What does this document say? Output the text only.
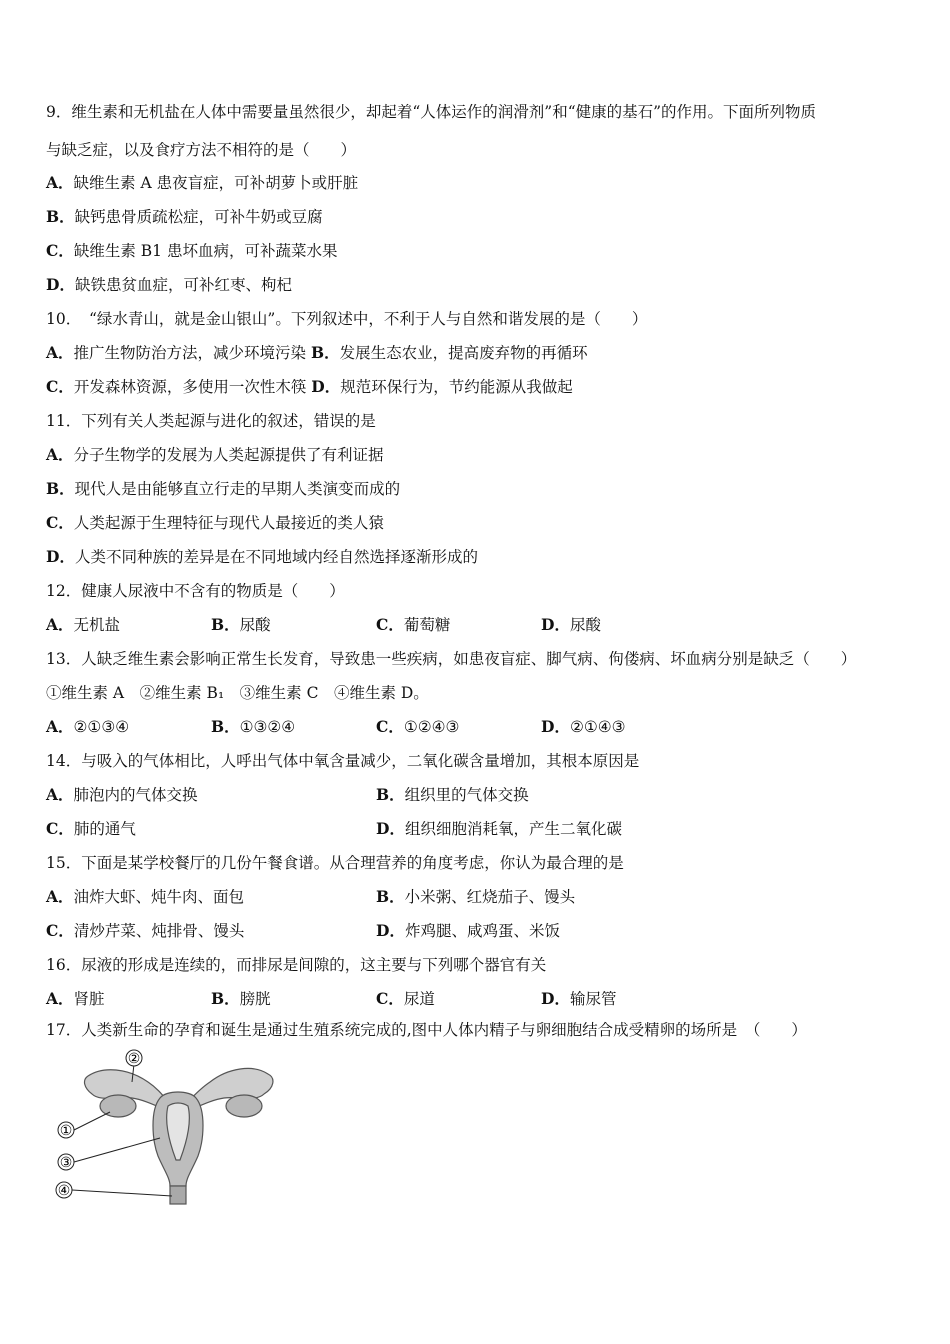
9．维生素和无机盐在人体中需要量虽然很少，却起着“人体运作的润滑剂”和“健康的基石”的作用。下面所列物质
与缺乏症，以及食疗方法不相符的是（　　）
A．缺维生素 A 患夜盲症，可补胡萝卜或肝脏
B．缺钙患骨质疏松症，可补牛奶或豆腐
C．缺维生素 B1 患坏血病，可补蔬菜水果
D．缺铁患贫血症，可补红枣、枸杞
10．　“绿水青山，就是金山银山”。下列叙述中，不利于人与自然和谐发展的是（　　）
A．推广生物防治方法，减少环境污染 B．发展生态农业，提高废弃物的再循环
C．开发森林资源，多使用一次性木筷 D．规范环保行为，节约能源从我做起
11．下列有关人类起源与进化的叙述，错误的是
A．分子生物学的发展为人类起源提供了有利证据
B．现代人是由能够直立行走的早期人类演变而成的
C．人类起源于生理特征与现代人最接近的类人猿
D．人类不同种族的差异是在不同地域内经自然选择逐渐形成的
12．健康人尿液中不含有的物质是（　　）
A．无机盐	B．尿酸	C．葡萄糖	D．尿酸
13．人缺乏维生素会影响正常生长发育，导致患一些疾病，如患夜盲症、脚气病、佝偻病、坏血病分别是缺乏（　　）
①维生素 A　②维生素 B₁　③维生素 C　④维生素 D。
A．②①③④	B．①③②④	C．①②④③	D．②①④③
14．与吸入的气体相比，人呼出气体中氧含量减少，二氧化碳含量增加，其根本原因是
A．肺泡内的气体交换	B．组织里的气体交换
C．肺的通气	D．组织细胞消耗氧，产生二氧化碳
15．下面是某学校餐厅的几份午餐食谱。从合理营养的角度考虑，你认为最合理的是
A．油炸大虾、炖牛肉、面包	B．小米粥、红烧茄子、馒头
C．清炒芹菜、炖排骨、馒头	D．炸鸡腿、咸鸡蛋、米饭
16．尿液的形成是连续的，而排尿是间隙的，这主要与下列哪个器官有关
A．肾脏	B．膀胱	C．尿道	D．输尿管
17．人类新生命的孕育和诞生是通过生殖系统完成的,图中人体内精子与卵细胞结合成受精卵的场所是　（　　）
①
②
③
④
